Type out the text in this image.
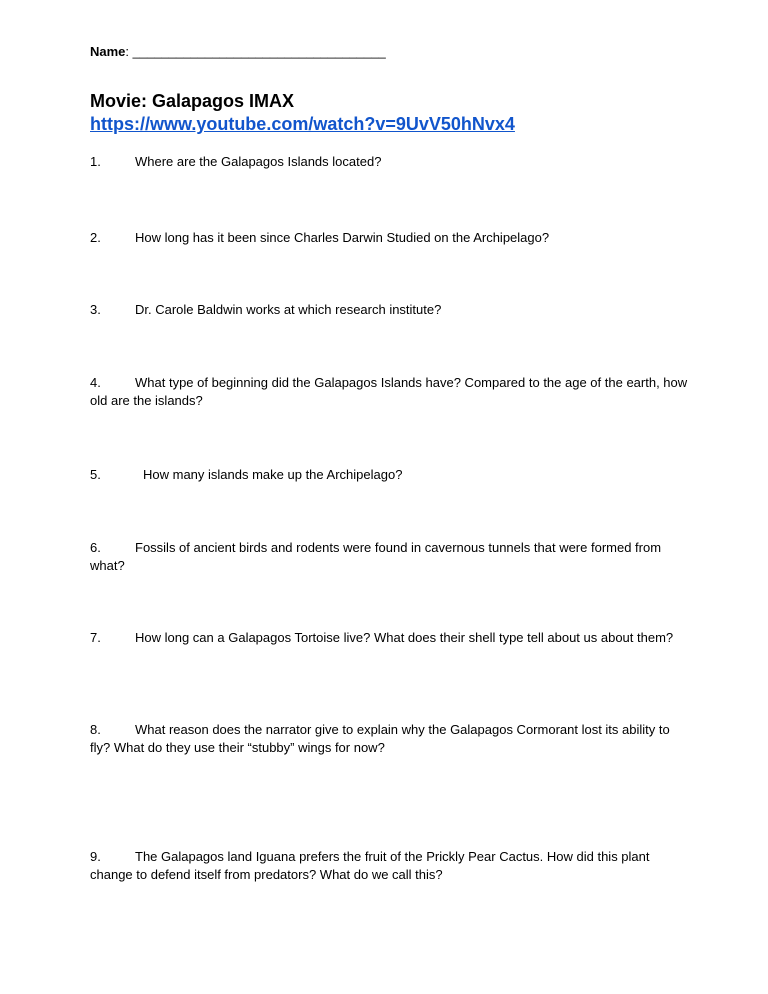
Name: ___________________________________
Movie: Galapagos IMAX
https://www.youtube.com/watch?v=9UvV50hNvx4
1.	Where are the Galapagos Islands located?
2.	How long has it been since Charles Darwin Studied on the Archipelago?
3.	Dr. Carole Baldwin works at which research institute?
4.	What type of beginning did the Galapagos Islands have? Compared to the age of the earth, how old are the islands?
5.	How many islands make up the Archipelago?
6.	Fossils of ancient birds and rodents were found in cavernous tunnels that were formed from what?
7.	How long can a Galapagos Tortoise live? What does their shell type tell about us about them?
8.	What reason does the narrator give to explain why the Galapagos Cormorant lost its ability to fly? What do they use their “stubby” wings for now?
9.	The Galapagos land Iguana prefers the fruit of the Prickly Pear Cactus. How did this plant change to defend itself from predators? What do we call this?
